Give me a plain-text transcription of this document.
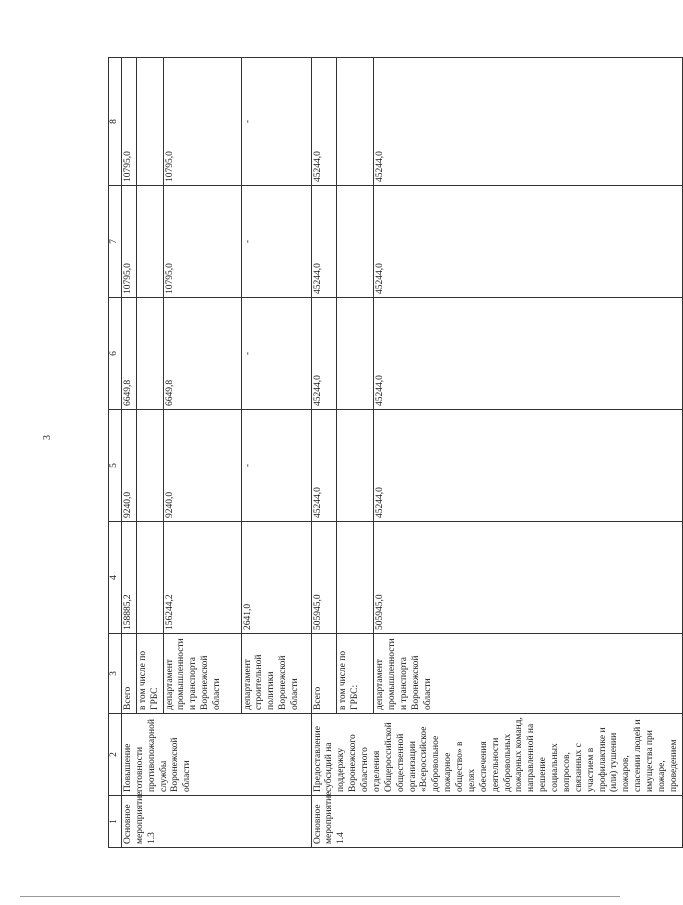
3
1	2	3	4	5	6	7	8
Основное мероприятие 1.3	Повышение готовности противопожарной службы Воронежской области	Всего	158885,2	9240,0	6649,8	10795,0	10795,0
		в том числе по ГРБС					
		департамент промышленности и транспорта Воронежской области	156244,2	9240,0	6649,8	10795,0	10795,0
		департамент строительной политики Воронежской области	2641,0	-	-	-	-
Основное мероприятие 1.4	Предоставление субсидий на поддержку Воронежского областного отделения Общероссийской общественной организации «Всероссийское добровольное пожарное общество» в целях обеспечения деятельности добровольных пожарных команд, направленной на решение социальных вопросов, связанных с участием в профилактике и (или) тушении пожаров, спасении людей и имущества при пожаре, проведением	Всего	505945,0	45244,0	45244,0	45244,0	45244,0
		в том числе по ГРБС:					
		департамент промышленности и транспорта Воронежской области	505945,0	45244,0	45244,0	45244,0	45244,0
